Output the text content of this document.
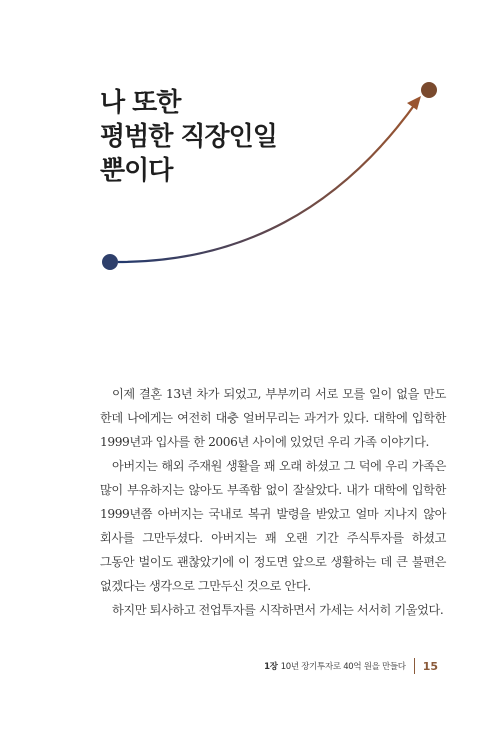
나 또한
평범한 직장인일
뿐이다

이제 결혼 13년 차가 되었고, 부부끼리 서로 모를 일이 없을 만도 한데 나에게는 여전히 대충 얼버무리는 과거가 있다. 대학에 입학한 1999년과 입사를 한 2006년 사이에 있었던 우리 가족 이야기다.

아버지는 해외 주재원 생활을 꽤 오래 하셨고 그 덕에 우리 가족은 많이 부유하지는 않아도 부족함 없이 잘살았다. 내가 대학에 입학한 1999년쯤 아버지는 국내로 복귀 발령을 받았고 얼마 지나지 않아 회사를 그만두셨다. 아버지는 꽤 오랜 기간 주식투자를 하셨고 그동안 벌이도 괜찮았기에 이 정도면 앞으로 생활하는 데 큰 불편은 없겠다는 생각으로 그만두신 것으로 안다.

하지만 퇴사하고 전업투자를 시작하면서 가세는 서서히 기울었다.

1장 10년 장기투자로 40억 원을 만들다 15
